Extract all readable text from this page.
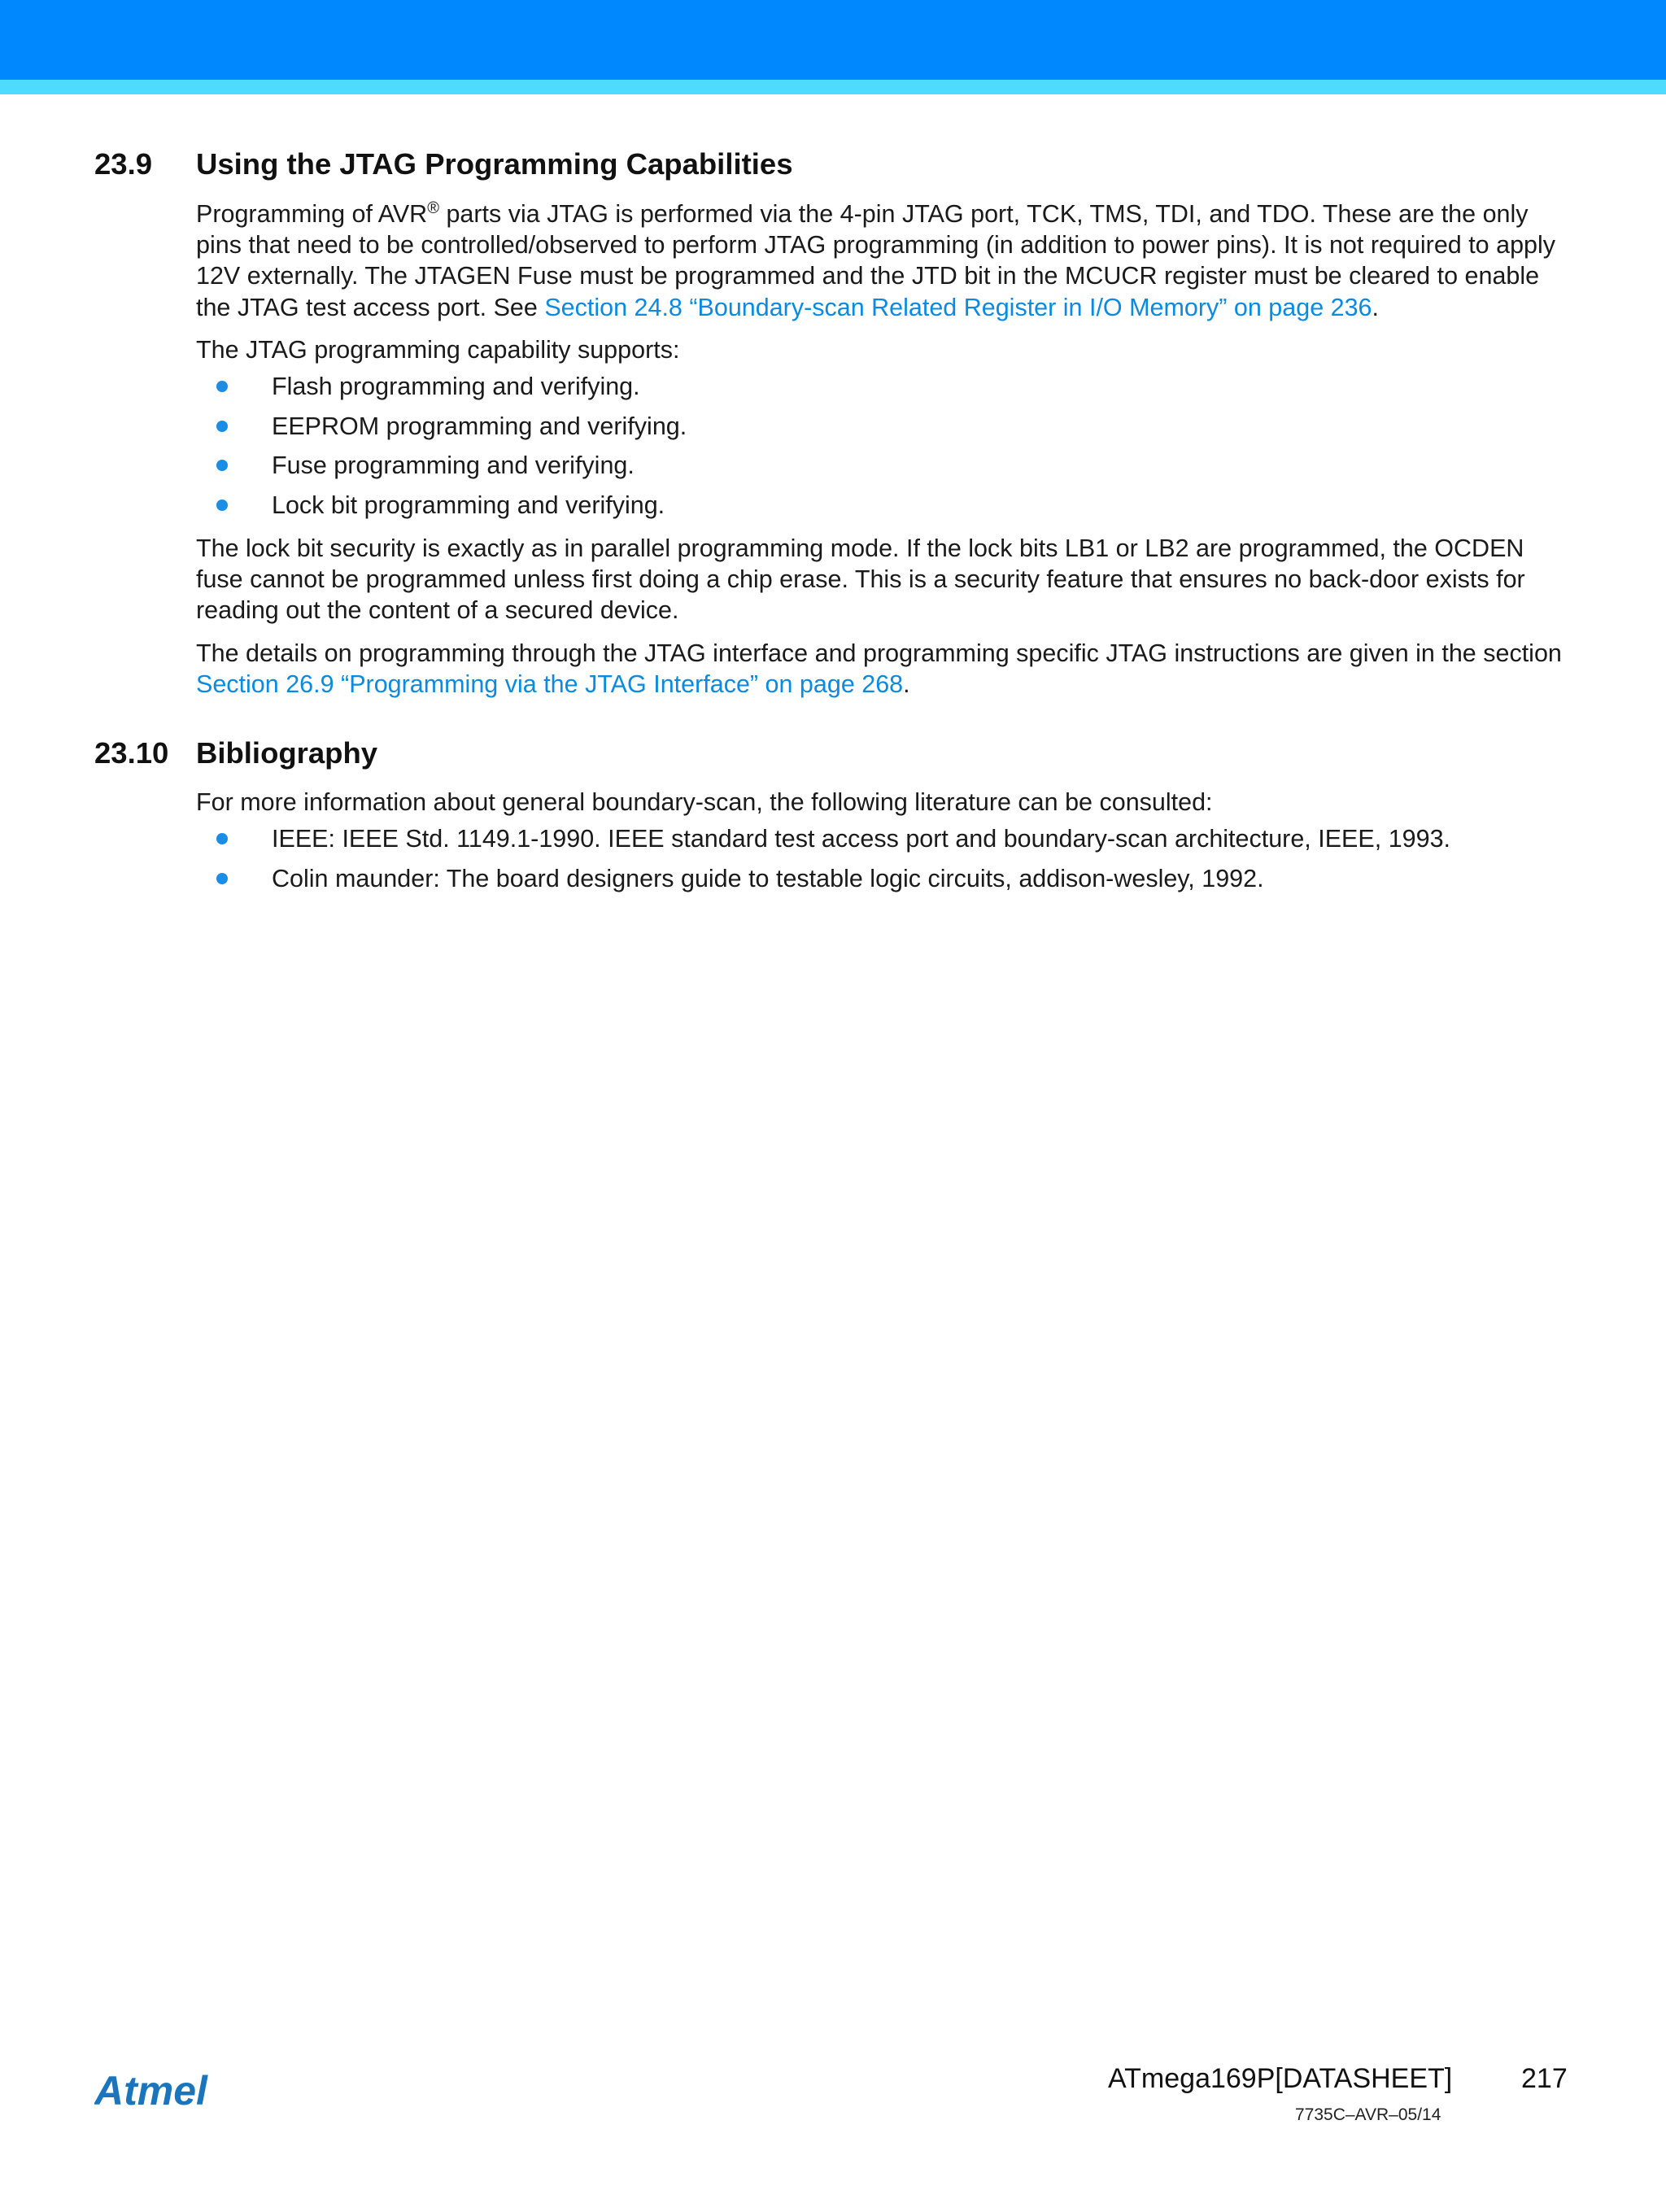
23.9 Using the JTAG Programming Capabilities
Programming of AVR® parts via JTAG is performed via the 4-pin JTAG port, TCK, TMS, TDI, and TDO. These are the only pins that need to be controlled/observed to perform JTAG programming (in addition to power pins). It is not required to apply 12V externally. The JTAGEN Fuse must be programmed and the JTD bit in the MCUCR register must be cleared to enable the JTAG test access port. See Section 24.8 “Boundary-scan Related Register in I/O Memory” on page 236.
The JTAG programming capability supports:
Flash programming and verifying.
EEPROM programming and verifying.
Fuse programming and verifying.
Lock bit programming and verifying.
The lock bit security is exactly as in parallel programming mode. If the lock bits LB1 or LB2 are programmed, the OCDEN fuse cannot be programmed unless first doing a chip erase. This is a security feature that ensures no back-door exists for reading out the content of a secured device.
The details on programming through the JTAG interface and programming specific JTAG instructions are given in the section Section 26.9 “Programming via the JTAG Interface” on page 268.
23.10 Bibliography
For more information about general boundary-scan, the following literature can be consulted:
IEEE: IEEE Std. 1149.1-1990. IEEE standard test access port and boundary-scan architecture, IEEE, 1993.
Colin maunder: The board designers guide to testable logic circuits, addison-wesley, 1992.
Atmel	ATmega169P[DATASHEET] 217
7735C–AVR–05/14
